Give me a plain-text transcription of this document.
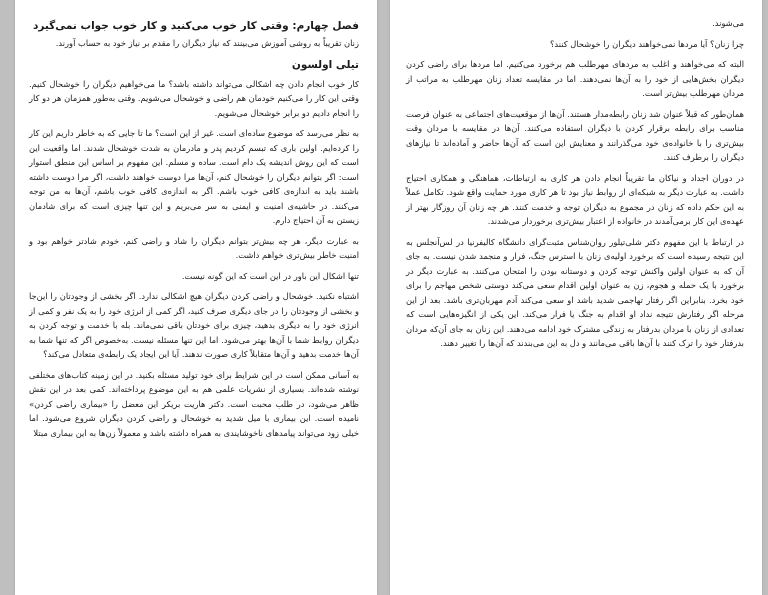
فصل چهارم: وقتی کار خوب می‌کنید و کار خوب جواب نمی‌گیرد

زنان تقریباً به روشی آموزش می‌بینند که نیاز دیگران را مقدم بر نیاز خود به حساب آورند.

تیلی اولسون

کار خوب انجام دادن چه اشکالی می‌تواند داشته باشد؟ ما می‌خواهیم دیگران را خوشحال کنیم. وقتی این کار را می‌کنیم خودمان هم راضی و خوشحال می‌شویم. وقتی به‌طور همزمان هر دو کار را انجام دادیم دو برابر خوشحال می‌شویم.

به نظر می‌رسد که موضوع ساده‌ای است. غیر از این است؟ ما تا جایی که به خاطر داریم این کار را کرده‌ایم. اولین باری که تبسم کردیم پدر و مادرمان به شدت خوشحال شدند. اما واقعیت این است که این روش اندیشه یک دام است. ساده و مسلم. این مفهوم بر اساس این منطق استوار است: اگر بتوانم دیگران را خوشحال کنم، آن‌ها مرا دوست خواهند داشت، اگر مرا دوست داشته باشند باید به اندازه‌ی کافی خوب باشم. اگر به اندازه‌ی کافی خوب باشم، آن‌ها به من توجه می‌کنند. در حاشیه‌ی امنیت و ایمنی به سر می‌بریم و این تنها چیزی است که برای شادمان زیستن به آن احتیاج دارم.

به عبارت دیگر، هر چه بیش‌تر بتوانم دیگران را شاد و راضی کنم، خودم شادتر خواهم بود و امنیت خاطر بیش‌تری خواهم داشت.

تنها اشکال این باور در این است که این گونه نیست.

اشتباه نکنید. خوشحال و راضی کردن دیگران هیچ اشکالی ندارد. اگر بخشی از وجودتان را این‌جا و بخشی از وجودتان را در جای دیگری صرف کنید، اگر کمی از انرژی خود را به یک نفر و کمی از انرژی خود را به دیگری بدهید، چیزی برای خودتان باقی نمی‌ماند. بله با خدمت و توجه کردن به دیگران روابط شما با آن‌ها بهتر می‌شود. اما این تنها مسئله نیست. به‌خصوص اگر که تنها شما به آن‌ها خدمت بدهید و آن‌ها متقابلاً کاری صورت ندهند. آیا این ایجاد یک رابطه‌ی متعادل می‌کند؟

به آسانی ممکن است در این شرایط برای خود تولید مسئله بکنید. در این زمینه کتاب‌های مختلفی نوشته شده‌اند. بسیاری از نشریات علمی هم به این موضوع پرداخته‌اند. کمی بعد در این نقش ظاهر می‌شود، در طلب محبت است. دکتر هاریت بریکر این معضل را «بیماری راضی کردن» نامیده است. این بیماری با میل شدید به خوشحال و راضی کردن دیگران شروع می‌شود. اما خیلی زود می‌تواند پیامدهای ناخوشایندی به همراه داشته باشد و معمولاً زن‌ها به این بیماری مبتلا

می‌شوند.

چرا زنان؟ آیا مردها نمی‌خواهند دیگران را خوشحال کنند؟

البته که می‌خواهند و اغلب به مردهای مهرطلب هم برخورد می‌کنیم. اما مردها برای راضی کردن دیگران بخش‌هایی از خود را به آن‌ها نمی‌دهند. اما در مقایسه تعداد زنان مهرطلب به مراتب از مردان مهرطلب بیش‌تر است.

همان‌طور که قبلاً عنوان شد زنان رابطه‌مدار هستند. آن‌ها از موقعیت‌های اجتماعی به عنوان فرصت مناسب برای رابطه برقرار کردن با دیگران استفاده می‌کنند. آن‌ها در مقایسه با مردان وقت بیش‌تری را با خانواده‌ی خود می‌گذرانند و معنایش این است که آن‌ها حاضر و آماده‌اند تا نیازهای دیگران را برطرف کنند.

در دوران اجداد و نیاکان ما تقریباً انجام دادن هر کاری به ارتباطات، هماهنگی و همکاری احتیاج داشت. به عبارت دیگر به شبکه‌ای از روابط نیاز بود تا هر کاری مورد حمایت واقع شود. تکامل عملاً به این حکم داده که زنان در مجموع به دیگران توجه و خدمت کنند. هر چه زنان آن روزگار بهتر از عهده‌ی این کار برمی‌آمدند در خانواده از اعتبار بیش‌تری برخوردار می‌شدند.

در ارتباط با این مفهوم دکتر شلی‌تیلور روان‌شناس مثبت‌گرای دانشگاه کالیفرنیا در لس‌آنجلس به این نتیجه رسیده است که برخورد اولیه‌ی زنان با استرس جنگ، فرار و منجمد شدن نیست. به جای آن که به عنوان اولین واکنش توجه کردن و دوستانه بودن را امتحان می‌کنند. به عبارت دیگر در برخورد با یک حمله و هجوم، زن به عنوان اولین اقدام سعی می‌کند دوستی شخص مهاجم را برای خود بخرد. بنابراین اگر رفتار تهاجمی شدید باشد او سعی می‌کند آدم مهربان‌تری باشد. بعد از این مرحله اگر رفتارش نتیجه نداد او اقدام به جنگ یا فرار می‌کند. این یکی از انگیزه‌هایی است که تعدادی از زنان با مردان بدرفتار به زندگی مشترک خود ادامه می‌دهند. این زنان به جای آن‌که مردان بدرفتار خود را ترک کنند با آن‌ها باقی می‌مانند و دل به این می‌بندند که آن‌ها را تغییر دهند.
